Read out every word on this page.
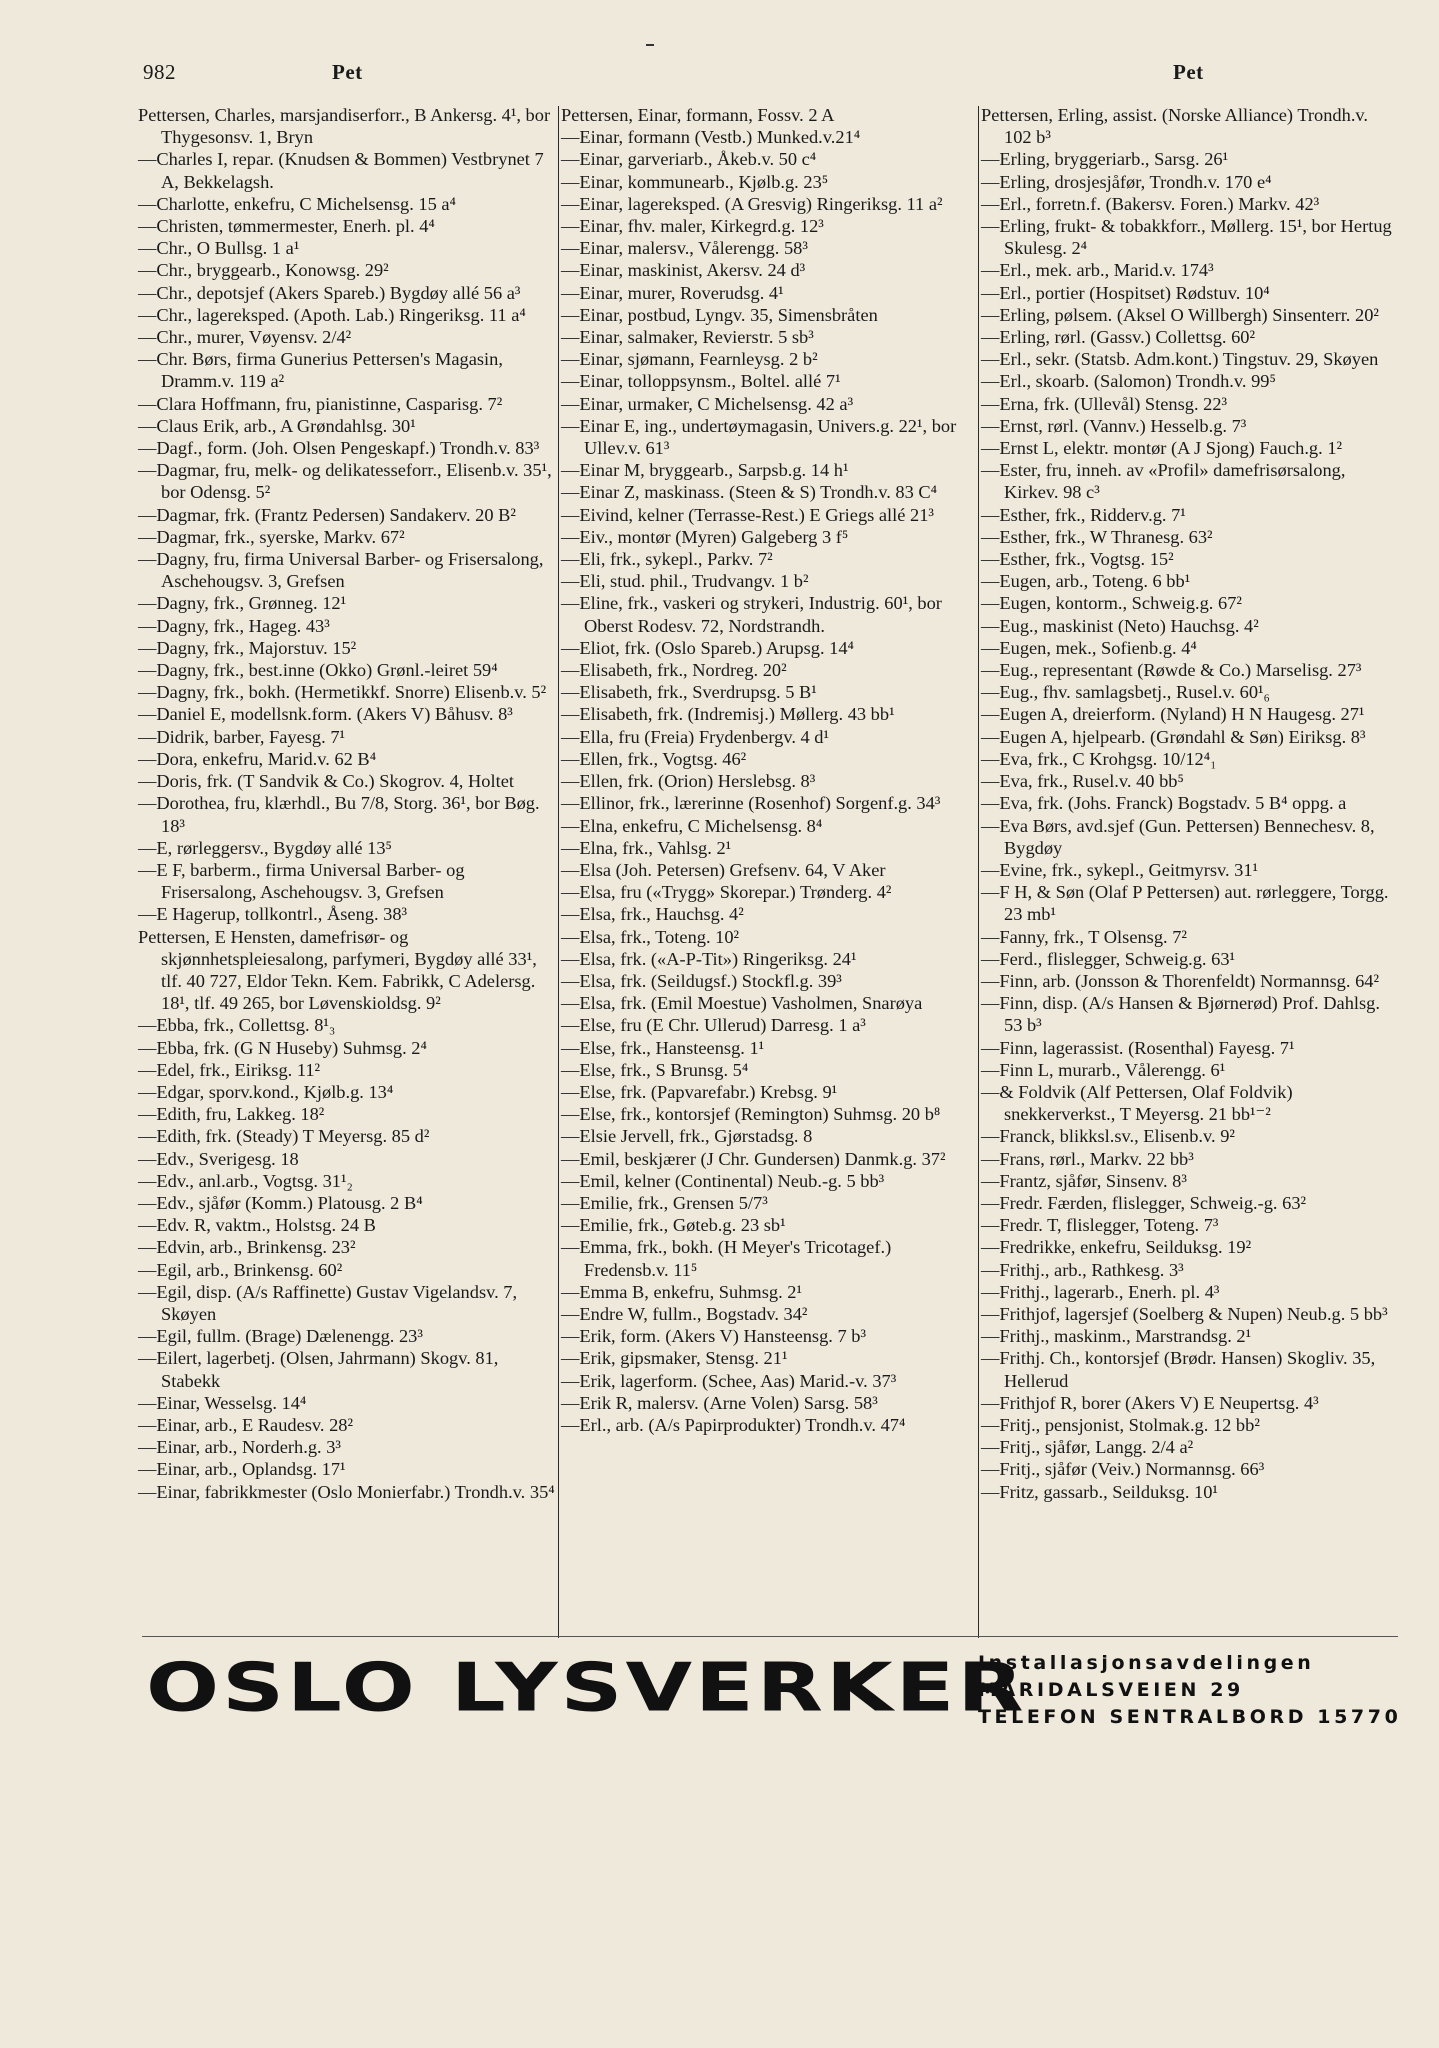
982	Pet	Pet
Pettersen, Charles, marsjandiserforr., B Ankersg. 4¹, bor Thygesonsv. 1, Bryn
—Charles I, repar. (Knudsen & Bommen) Vestbrynet 7 A, Bekkelagsh.
—Charlotte, enkefru, C Michelsensg. 15 a⁴
—Christen, tømmermester, Enerh. pl. 4⁴
—Chr., O Bullsg. 1 a¹
—Chr., bryggearb., Konowsg. 29²
—Chr., depotsjef (Akers Spareb.) Bygdøy allé 56 a³
—Chr., lagereksped. (Apoth. Lab.) Ringeriksg. 11 a⁴
—Chr., murer, Vøyensv. 2/4²
—Chr. Børs, firma Gunerius Pettersen's Magasin, Dramm.v. 119 a²
—Clara Hoffmann, fru, pianistinne, Casparisg. 7²
—Claus Erik, arb., A Grøndahlsg. 30¹
—Dagf., form. (Joh. Olsen Pengeskapf.) Trondh.v. 83³
—Dagmar, fru, melk- og delikatesseforr., Elisenb.v. 35¹, bor Odensg. 5²
—Dagmar, frk. (Frantz Pedersen) Sandakerv. 20 B²
—Dagmar, frk., syerske, Markv. 67²
—Dagny, fru, firma Universal Barber- og Frisersalong, Aschehougsv. 3, Grefsen
—Dagny, frk., Grønneg. 12¹
—Dagny, frk., Hageg. 43³
—Dagny, frk., Majorstuv. 15²
—Dagny, frk., best.inne (Okko) Grønl.-leiret 59⁴
—Dagny, frk., bokh. (Hermetikkf. Snorre) Elisenb.v. 5²
—Daniel E, modellsnk.form. (Akers V) Båhusv. 8³
—Didrik, barber, Fayesg. 7¹
—Dora, enkefru, Marid.v. 62 B⁴
—Doris, frk. (T Sandvik & Co.) Skogrov. 4, Holtet
—Dorothea, fru, klærhdl., Bu 7/8, Storg. 36¹, bor Bøg. 18³
—E, rørleggersv., Bygdøy allé 13⁵
—E F, barberm., firma Universal Barber- og Frisersalong, Aschehougsv. 3, Grefsen
—E Hagerup, tollkontrl., Åseng. 38³
Pettersen, E Hensten, damefrisør- og skjønnhetspleiesalong, parfymeri, Bygdøy allé 33¹, tlf. 40 727, Eldor Tekn. Kem. Fabrikk, C Adelersg. 18¹, tlf. 49 265, bor Løvenskioldsg. 9²
—Ebba, frk., Collettsg. 8¹₃
—Ebba, frk. (G N Huseby) Suhmsg. 2⁴
—Edel, frk., Eiriksg. 11²
—Edgar, sporv.kond., Kjølb.g. 13⁴
—Edith, fru, Lakkeg. 18²
—Edith, frk. (Steady) T Meyersg. 85 d²
—Edv., Sverigesg. 18
—Edv., anl.arb., Vogtsg. 31¹₂
—Edv., sjåfør (Komm.) Platousg. 2 B⁴
—Edv. R, vaktm., Holstsg. 24 B
—Edvin, arb., Brinkensg. 23²
—Egil, arb., Brinkensg. 60²
—Egil, disp. (A/s Raffinette) Gustav Vigelandsv. 7, Skøyen
—Egil, fullm. (Brage) Dælenengg. 23³
—Eilert, lagerbetj. (Olsen, Jahrmann) Skogv. 81, Stabekk
—Einar, Wesselsg. 14⁴
—Einar, arb., E Raudesv. 28²
—Einar, arb., Norderh.g. 3³
—Einar, arb., Oplandsg. 17¹
—Einar, fabrikkmester (Oslo Monierfabr.) Trondh.v. 35⁴
Pettersen, Einar, formann, Fossv. 2 A
—Einar, formann (Vestb.) Munked.v.21⁴
—Einar, garveriarb., Åkeb.v. 50 c⁴
—Einar, kommunearb., Kjølb.g. 23⁵
—Einar, lagereksped. (A Gresvig) Ringeriksg. 11 a²
—Einar, fhv. maler, Kirkegrd.g. 12³
—Einar, malersv., Vålerengg. 58³
—Einar, maskinist, Akersv. 24 d³
—Einar, murer, Roverudsg. 4¹
—Einar, postbud, Lyngv. 35, Simensbråten
—Einar, salmaker, Revierstr. 5 sb³
—Einar, sjømann, Fearnleysg. 2 b²
—Einar, tolloppsynsm., Boltel. allé 7¹
—Einar, urmaker, C Michelsensg. 42 a³
—Einar E, ing., undertøymagasin, Univers.g. 22¹, bor Ullev.v. 61³
—Einar M, bryggearb., Sarpsb.g. 14 h¹
—Einar Z, maskinass. (Steen & S) Trondh.v. 83 C⁴
—Eivind, kelner (Terrasse-Rest.) E Griegs allé 21³
—Eiv., montør (Myren) Galgeberg 3 f⁵
—Eli, frk., sykepl., Parkv. 7²
—Eli, stud. phil., Trudvangv. 1 b²
—Eline, frk., vaskeri og strykeri, Industrig. 60¹, bor Oberst Rodesv. 72, Nordstrandh.
—Eliot, frk. (Oslo Spareb.) Arupsg. 14⁴
—Elisabeth, frk., Nordreg. 20²
—Elisabeth, frk., Sverdrupsg. 5 B¹
—Elisabeth, frk. (Indremisj.) Møllerg. 43 bb¹
—Ella, fru (Freia) Frydenbergv. 4 d¹
—Ellen, frk., Vogtsg. 46²
—Ellen, frk. (Orion) Herslebsg. 8³
—Ellinor, frk., lærerinne (Rosenhof) Sorgenf.g. 34³
—Elna, enkefru, C Michelsensg. 8⁴
—Elna, frk., Vahlsg. 2¹
—Elsa (Joh. Petersen) Grefsenv. 64, V Aker
—Elsa, fru («Trygg» Skorepar.) Trønderg. 4²
—Elsa, frk., Hauchsg. 4²
—Elsa, frk., Toteng. 10²
—Elsa, frk. («A-P-Tit») Ringeriksg. 24¹
—Elsa, frk. (Seildugsf.) Stockfl.g. 39³
—Elsa, frk. (Emil Moestue) Vasholmen, Snarøya
—Else, fru (E Chr. Ullerud) Darresg. 1 a³
—Else, frk., Hansteensg. 1¹
—Else, frk., S Brunsg. 5⁴
—Else, frk. (Papvarefabr.) Krebsg. 9¹
—Else, frk., kontorsjef (Remington) Suhmsg. 20 b⁸
—Elsie Jervell, frk., Gjørstadsg. 8
—Emil, beskjærer (J Chr. Gundersen) Danmk.g. 37²
—Emil, kelner (Continental) Neub.-g. 5 bb³
—Emilie, frk., Grensen 5/7³
—Emilie, frk., Gøteb.g. 23 sb¹
—Emma, frk., bokh. (H Meyer's Tricotagef.) Fredensb.v. 11⁵
—Emma B, enkefru, Suhmsg. 2¹
—Endre W, fullm., Bogstadv. 34²
—Erik, form. (Akers V) Hansteensg. 7 b³
—Erik, gipsmaker, Stensg. 21¹
—Erik, lagerform. (Schee, Aas) Marid.-v. 37³
—Erik R, malersv. (Arne Volen) Sarsg. 58³
—Erl., arb. (A/s Papirprodukter) Trondh.v. 47⁴
Pettersen, Erling, assist. (Norske Alliance) Trondh.v. 102 b³
—Erling, bryggeriarb., Sarsg. 26¹
—Erling, drosjesjåfør, Trondh.v. 170 e⁴
—Erl., forretn.f. (Bakersv. Foren.) Markv. 42³
—Erling, frukt- & tobakkforr., Møllerg. 15¹, bor Hertug Skulesg. 2⁴
—Erl., mek. arb., Marid.v. 174³
—Erl., portier (Hospitset) Rødstuv. 10⁴
—Erling, pølsem. (Aksel O Willbergh) Sinsenterr. 20²
—Erling, rørl. (Gassv.) Collettsg. 60²
—Erl., sekr. (Statsb. Adm.kont.) Tingstuv. 29, Skøyen
—Erl., skoarb. (Salomon) Trondh.v. 99⁵
—Erna, frk. (Ullevål) Stensg. 22³
—Ernst, rørl. (Vannv.) Hesselb.g. 7³
—Ernst L, elektr. montør (A J Sjong) Fauch.g. 1²
—Ester, fru, inneh. av «Profil» damefrisørsalong, Kirkev. 98 c³
—Esther, frk., Ridderv.g. 7¹
—Esther, frk., W Thranesg. 63²
—Esther, frk., Vogtsg. 15²
—Eugen, arb., Toteng. 6 bb¹
—Eugen, kontorm., Schweig.g. 67²
—Eug., maskinist (Neto) Hauchsg. 4²
—Eugen, mek., Sofienb.g. 4⁴
—Eug., representant (Røwde & Co.) Marselisg. 27³
—Eug., fhv. samlagsbetj., Rusel.v. 60¹₆
—Eugen A, dreierform. (Nyland) H N Haugesg. 27¹
—Eugen A, hjelpearb. (Grøndahl & Søn) Eiriksg. 8³
—Eva, frk., C Krohgsg. 10/12⁴₁
—Eva, frk., Rusel.v. 40 bb⁵
—Eva, frk. (Johs. Franck) Bogstadv. 5 B⁴ oppg. a
—Eva Børs, avd.sjef (Gun. Pettersen) Bennechesv. 8, Bygdøy
—Evine, frk., sykepl., Geitmyrsv. 31¹
—F H, & Søn (Olaf P Pettersen) aut. rørleggere, Torgg. 23 mb¹
—Fanny, frk., T Olsensg. 7²
—Ferd., flislegger, Schweig.g. 63¹
—Finn, arb. (Jonsson & Thorenfeldt) Normannsg. 64²
—Finn, disp. (A/s Hansen & Bjørnerød) Prof. Dahlsg. 53 b³
—Finn, lagerassist. (Rosenthal) Fayesg. 7¹
—Finn L, murarb., Vålerengg. 6¹
—& Foldvik (Alf Pettersen, Olaf Foldvik) snekkerverkst., T Meyersg. 21 bb¹⁻²
—Franck, blikksl.sv., Elisenb.v. 9²
—Frans, rørl., Markv. 22 bb³
—Frantz, sjåfør, Sinsenv. 8³
—Fredr. Færden, flislegger, Schweig.-g. 63²
—Fredr. T, flislegger, Toteng. 7³
—Fredrikke, enkefru, Seilduksg. 19²
—Frithj., arb., Rathkesg. 3³
—Frithj., lagerarb., Enerh. pl. 4³
—Frithjof, lagersjef (Soelberg & Nupen) Neub.g. 5 bb³
—Frithj., maskinm., Marstrandsg. 2¹
—Frithj. Ch., kontorsjef (Brødr. Hansen) Skogliv. 35, Hellerud
—Frithjof R, borer (Akers V) E Neupertsg. 4³
—Fritj., pensjonist, Stolmak.g. 12 bb²
—Fritj., sjåfør, Langg. 2/4 a²
—Fritj., sjåfør (Veiv.) Normannsg. 66³
—Fritz, gassarb., Seilduksg. 10¹
OSLO LYSVERKER
Installasjonsavdelingen
MARIDALSVEIEN 29
TELEFON SENTRALBORD 15770
